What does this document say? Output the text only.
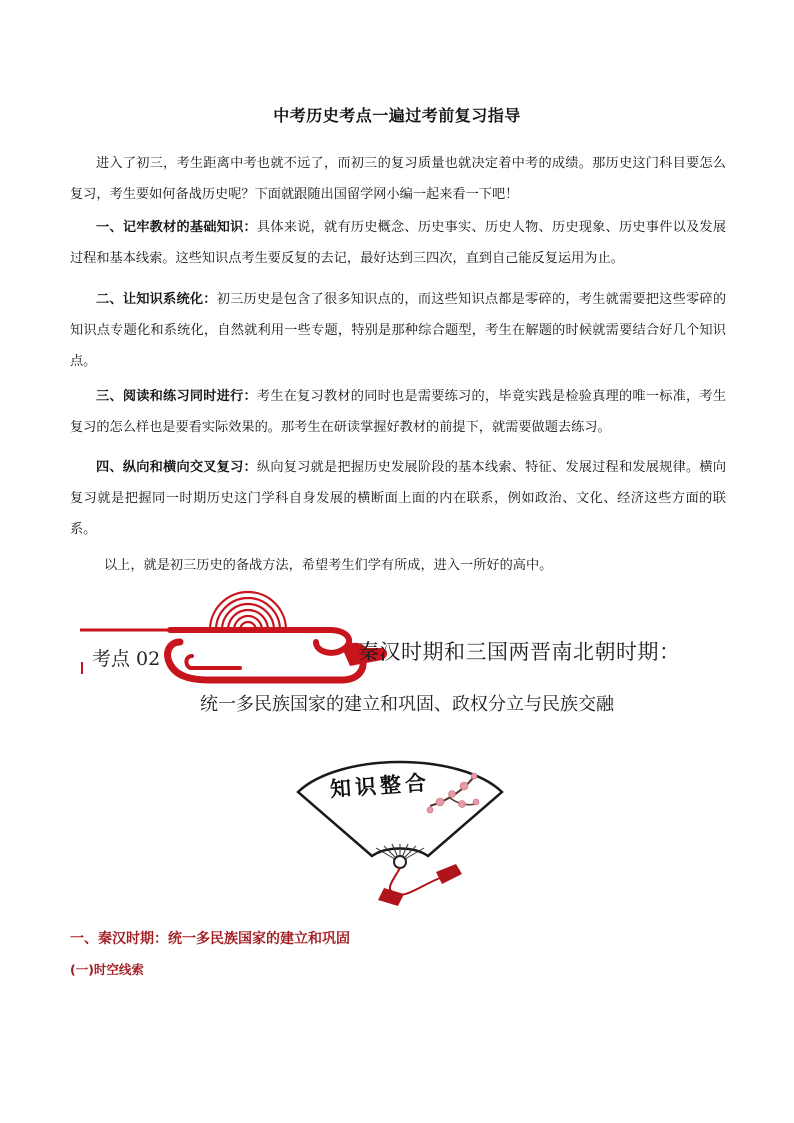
中考历史考点一遍过考前复习指导

进入了初三，考生距离中考也就不远了，而初三的复习质量也就决定着中考的成绩。那历史这门科目要怎么复习，考生要如何备战历史呢？下面就跟随出国留学网小编一起来看一下吧！

一、记牢教材的基础知识：具体来说，就有历史概念、历史事实、历史人物、历史现象、历史事件以及发展过程和基本线索。这些知识点考生要反复的去记，最好达到三四次，直到自己能反复运用为止。

二、让知识系统化：初三历史是包含了很多知识点的，而这些知识点都是零碎的，考生就需要把这些零碎的知识点专题化和系统化，自然就利用一些专题，特别是那种综合题型，考生在解题的时候就需要结合好几个知识点。

三、阅读和练习同时进行：考生在复习教材的同时也是需要练习的，毕竟实践是检验真理的唯一标准，考生复习的怎么样也是要看实际效果的。那考生在研读掌握好教材的前提下，就需要做题去练习。

四、纵向和横向交叉复习：纵向复习就是把握历史发展阶段的基本线索、特征、发展过程和发展规律。横向复习就是把握同一时期历史这门学科自身发展的横断面上面的内在联系，例如政治、文化、经济这些方面的联系。

以上，就是初三历史的备战方法，希望考生们学有所成，进入一所好的高中。

考点 02	秦汉时期和三国两晋南北朝时期：
统一多民族国家的建立和巩固、政权分立与民族交融
知识整合
一、秦汉时期：统一多民族国家的建立和巩固
(一)时空线索
